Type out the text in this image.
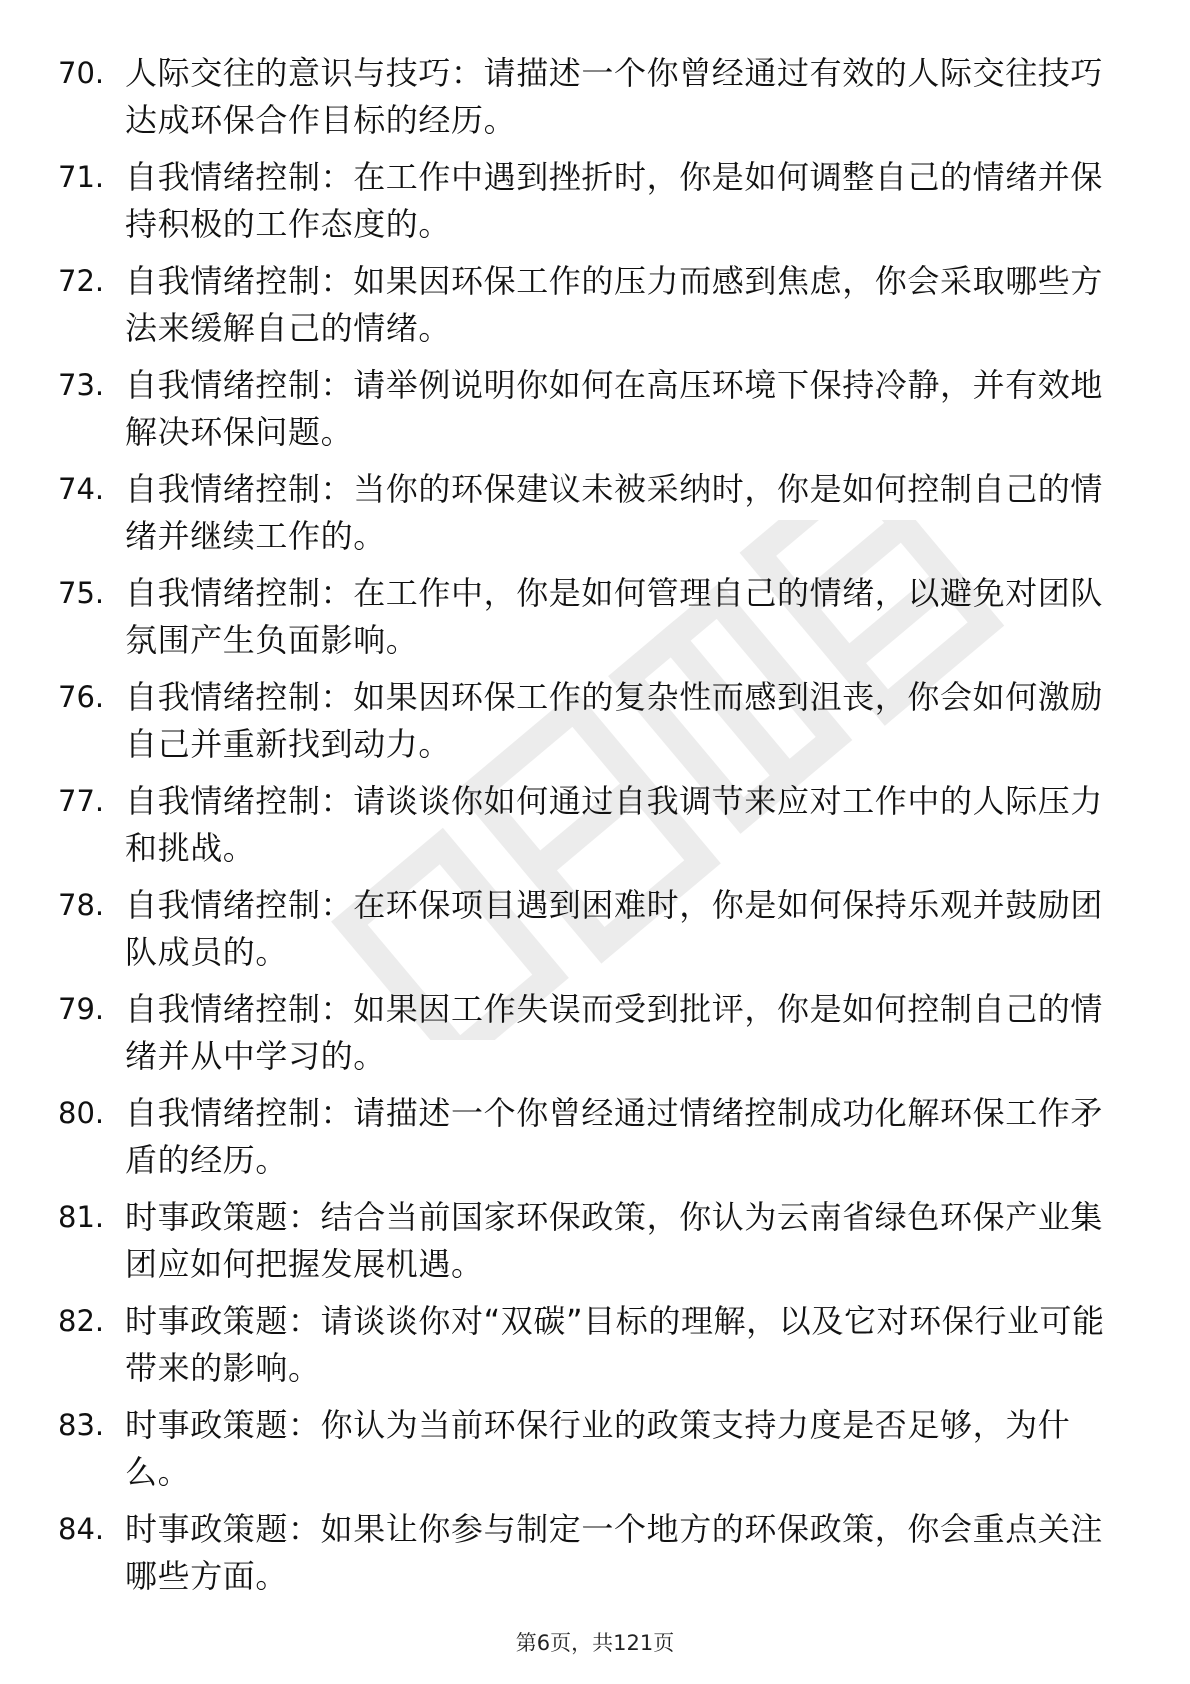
70. 人际交往的意识与技巧：请描述一个你曾经通过有效的人际交往技巧达成环保合作目标的经历。
71. 自我情绪控制：在工作中遇到挫折时，你是如何调整自己的情绪并保持积极的工作态度的。
72. 自我情绪控制：如果因环保工作的压力而感到焦虑，你会采取哪些方法来缓解自己的情绪。
73. 自我情绪控制：请举例说明你如何在高压环境下保持冷静，并有效地解决环保问题。
74. 自我情绪控制：当你的环保建议未被采纳时，你是如何控制自己的情绪并继续工作的。
75. 自我情绪控制：在工作中，你是如何管理自己的情绪，以避免对团队氛围产生负面影响。
76. 自我情绪控制：如果因环保工作的复杂性而感到沮丧，你会如何激励自己并重新找到动力。
77. 自我情绪控制：请谈谈你如何通过自我调节来应对工作中的人际压力和挑战。
78. 自我情绪控制：在环保项目遇到困难时，你是如何保持乐观并鼓励团队成员的。
79. 自我情绪控制：如果因工作失误而受到批评，你是如何控制自己的情绪并从中学习的。
80. 自我情绪控制：请描述一个你曾经通过情绪控制成功化解环保工作矛盾的经历。
81. 时事政策题：结合当前国家环保政策，你认为云南省绿色环保产业集团应如何把握发展机遇。
82. 时事政策题：请谈谈你对“双碳”目标的理解，以及它对环保行业可能带来的影响。
83. 时事政策题：你认为当前环保行业的政策支持力度是否足够，为什么。
84. 时事政策题：如果让你参与制定一个地方的环保政策，你会重点关注哪些方面。
第6页，共121页
